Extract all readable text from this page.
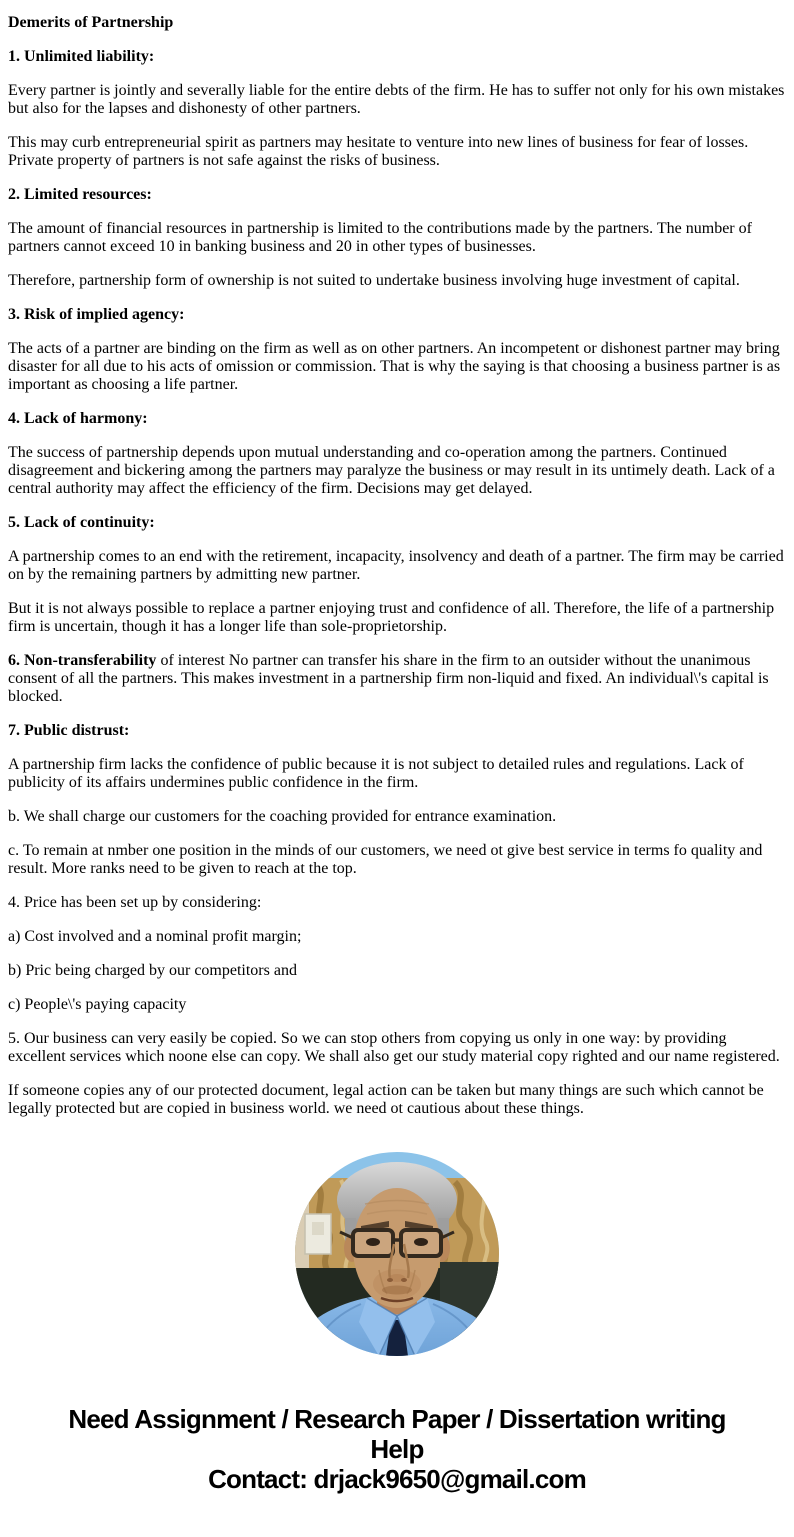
Demerits of Partnership

1. Unlimited liability:

Every partner is jointly and severally liable for the entire debts of the firm. He has to suffer not only for his own mistakes but also for the lapses and dishonesty of other partners.

This may curb entrepreneurial spirit as partners may hesitate to venture into new lines of business for fear of losses. Private property of partners is not safe against the risks of business.

2. Limited resources:

The amount of financial resources in partnership is limited to the contributions made by the partners. The number of partners cannot exceed 10 in banking business and 20 in other types of businesses.

Therefore, partnership form of ownership is not suited to undertake business involving huge investment of capital.

3. Risk of implied agency:

The acts of a partner are binding on the firm as well as on other partners. An incompetent or dishonest partner may bring disaster for all due to his acts of omission or commission. That is why the saying is that choosing a business partner is as important as choosing a life partner.

4. Lack of harmony:

The success of partnership depends upon mutual understanding and co-operation among the partners. Continued disagreement and bickering among the partners may paralyze the business or may result in its untimely death. Lack of a central authority may affect the efficiency of the firm. Decisions may get delayed.

5. Lack of continuity:

A partnership comes to an end with the retirement, incapacity, insolvency and death of a partner. The firm may be carried on by the remaining partners by admitting new partner.

But it is not always possible to replace a partner enjoying trust and confidence of all. Therefore, the life of a partnership firm is uncertain, though it has a longer life than sole-proprietorship.

6. Non-transferability of interest No partner can transfer his share in the firm to an outsider without the unanimous consent of all the partners. This makes investment in a partnership firm non-liquid and fixed. An individual\'s capital is blocked.

7. Public distrust:

A partnership firm lacks the confidence of public because it is not subject to detailed rules and regulations. Lack of publicity of its affairs undermines public confidence in the firm.

b. We shall charge our customers for the coaching provided for entrance examination.

c. To remain at nmber one position in the minds of our customers, we need ot give best service in terms fo quality and result. More ranks need to be given to reach at the top.

4. Price has been set up by considering:

a) Cost involved and a nominal profit margin;

b) Pric being charged by our competitors and

c) People\'s paying capacity

5. Our business can very easily be copied. So we can stop others from copying us only in one way: by providing excellent services which noone else can copy. We shall also get our study material copy righted and our name registered.

If someone copies any of our protected document, legal action can be taken but many things are such which cannot be legally protected but are copied in business world. we need ot cautious about these things.

Need Assignment / Research Paper / Dissertation writing Help
Contact: drjack9650@gmail.com
